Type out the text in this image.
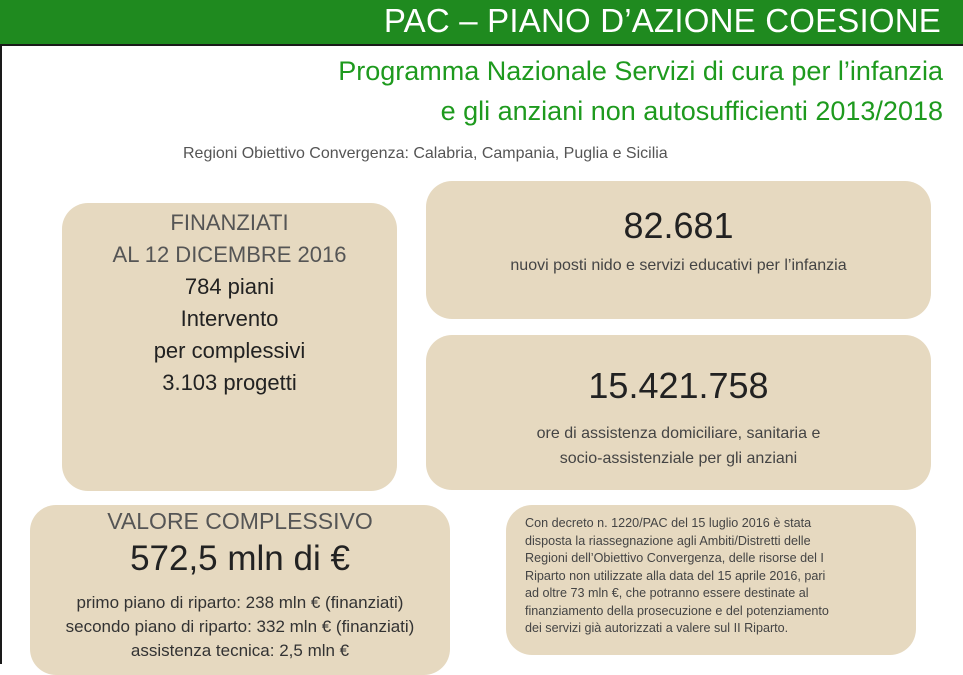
PAC – PIANO D’AZIONE COESIONE
Programma Nazionale Servizi di cura per l’infanzia
e gli anziani non autosufficienti 2013/2018
Regioni Obiettivo Convergenza: Calabria, Campania, Puglia e Sicilia
FINANZIATI
AL 12 DICEMBRE 2016
784 piani
Intervento
per complessivi
3.103 progetti
82.681
nuovi posti nido e servizi educativi per l’infanzia
15.421.758
ore di assistenza domiciliare, sanitaria e
socio-assistenziale per gli anziani
VALORE COMPLESSIVO
572,5 mln di €
primo piano di riparto: 238 mln € (finanziati)
secondo piano di riparto: 332 mln € (finanziati)
assistenza tecnica: 2,5 mln €
Con decreto n. 1220/PAC del 15 luglio 2016 è stata
disposta la riassegnazione agli Ambiti/Distretti delle
Regioni dell’Obiettivo Convergenza, delle risorse del I
Riparto non utilizzate alla data del 15 aprile 2016, pari
ad oltre 73 mln €, che potranno essere destinate al
finanziamento della prosecuzione e del potenziamento
dei servizi già autorizzati a valere sul II Riparto.
